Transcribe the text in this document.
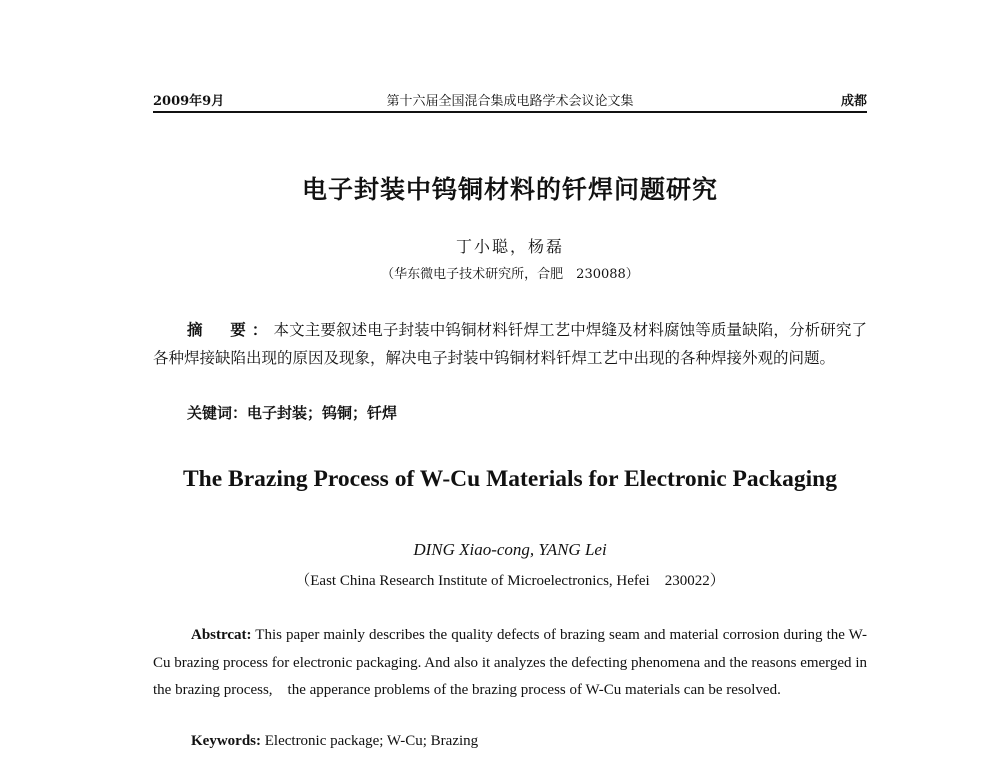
2009年9月	第十六届全国混合集成电路学术会议论文集	成都
电子封装中钨铜材料的钎焊问题研究
丁小聪，杨磊
（华东微电子技术研究所，合肥　230088）
摘　要：本文主要叙述电子封装中钨铜材料钎焊工艺中焊缝及材料腐蚀等质量缺陷，分析研究了各种焊接缺陷出现的原因及现象，解决电子封装中钨铜材料钎焊工艺中出现的各种焊接外观的问题。
关键词：电子封装；钨铜；钎焊
The Brazing Process of W-Cu Materials for Electronic Packaging
DING Xiao-cong, YANG Lei
（East China Research Institute of Microelectronics, Hefei　230022）
Abstrcat: This paper mainly describes the quality defects of brazing seam and material corrosion during the W-Cu brazing process for electronic packaging. And also it analyzes the defecting phenomena and the reasons emerged in the brazing process,　the apperance problems of the brazing process of W-Cu materials can be resolved.
Keywords: Electronic package; W-Cu; Brazing
